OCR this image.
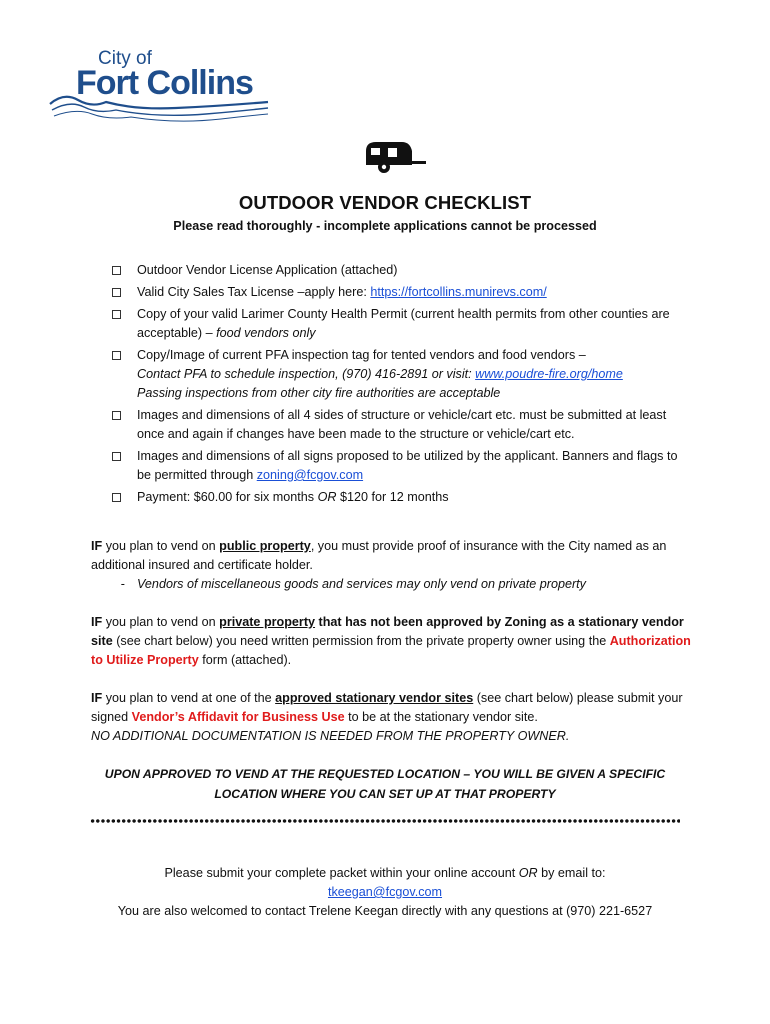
City of
Fort Collins
OUTDOOR VENDOR CHECKLIST
Please read thoroughly - incomplete applications cannot be processed
Outdoor Vendor License Application (attached)
Valid City Sales Tax License –apply here: https://fortcollins.munirevs.com/
Copy of your valid Larimer County Health Permit (current health permits from other counties are acceptable) – food vendors only
Copy/Image of current PFA inspection tag for tented vendors and food vendors –
Contact PFA to schedule inspection, (970) 416-2891 or visit: www.poudre-fire.org/home
Passing inspections from other city fire authorities are acceptable
Images and dimensions of all 4 sides of structure or vehicle/cart etc. must be submitted at least once and again if changes have been made to the structure or vehicle/cart etc.
Images and dimensions of all signs proposed to be utilized by the applicant. Banners and flags to be permitted through zoning@fcgov.com
Payment: $60.00 for six months OR $120 for 12 months

IF you plan to vend on public property, you must provide proof of insurance with the City named as an additional insured and certificate holder.

- Vendors of miscellaneous goods and services may only vend on private property

IF you plan to vend on private property that has not been approved by Zoning as a stationary vendor site (see chart below) you need written permission from the private property owner using the Authorization to Utilize Property form (attached).

IF you plan to vend at one of the approved stationary vendor sites (see chart below) please submit your signed Vendor’s Affidavit for Business Use to be at the stationary vendor site.

NO ADDITIONAL DOCUMENTATION IS NEEDED FROM THE PROPERTY OWNER.

UPON APPROVED TO VEND AT THE REQUESTED LOCATION – YOU WILL BE GIVEN A SPECIFIC
LOCATION WHERE YOU CAN SET UP AT THAT PROPERTY

Please submit your complete packet within your online account OR by email to:

tkeegan@fcgov.com

You are also welcomed to contact Trelene Keegan directly with any questions at (970) 221-6527
